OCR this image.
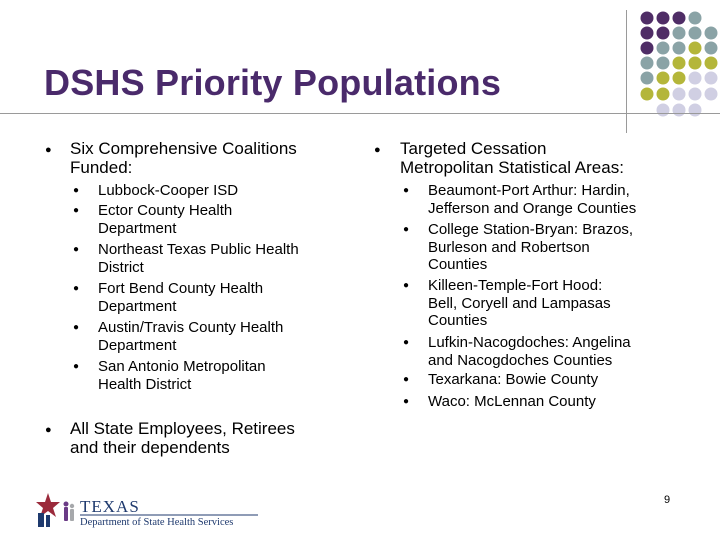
DSHS Priority Populations
● Six Comprehensive Coalitions
Funded:
● Lubbock-Cooper ISD
● Ector County Health
Department
● Northeast Texas Public Health
District
● Fort Bend County Health
Department
● Austin/Travis County Health
Department
● San Antonio Metropolitan
Health District
● All State Employees, Retirees
and their dependents
● Targeted Cessation
Metropolitan Statistical Areas:
● Beaumont-Port Arthur: Hardin,
Jefferson and Orange Counties
● College Station-Bryan: Brazos,
Burleson and Robertson
Counties
● Killeen-Temple-Fort Hood:
Bell, Coryell and Lampasas
Counties
● Lufkin-Nacogdoches: Angelina
and Nacogdoches Counties
● Texarkana: Bowie County
● Waco: McLennan County
TEXAS
Department of State Health Services
9
